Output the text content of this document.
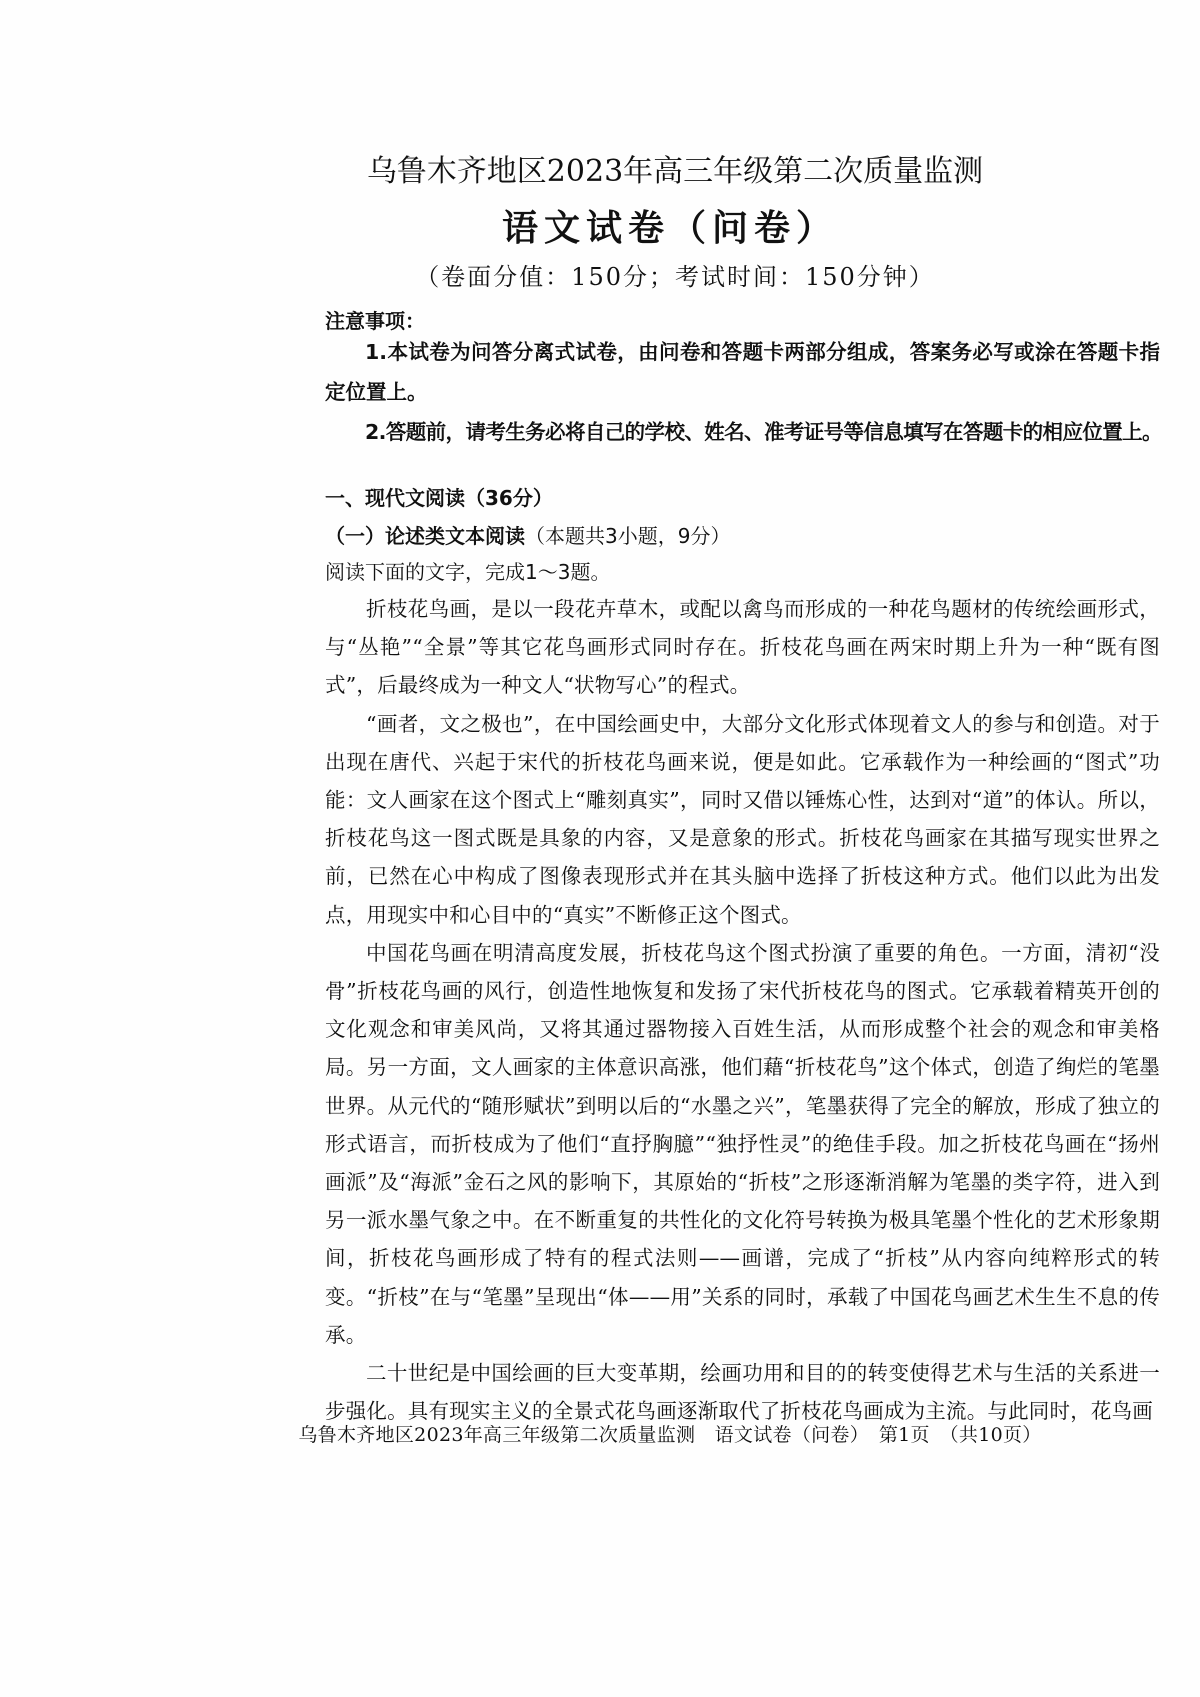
乌鲁木齐地区2023年高三年级第二次质量监测
语文试卷（问卷）
（卷面分值：150分；考试时间：150分钟）
注意事项：
1.本试卷为问答分离式试卷，由问卷和答题卡两部分组成，答案务必写或涂在答题卡指定位置上。
2.答题前，请考生务必将自己的学校、姓名、准考证号等信息填写在答题卡的相应位置上。
一、现代文阅读（36分）
（一）论述类文本阅读（本题共3小题，9分）
阅读下面的文字，完成1～3题。

折枝花鸟画，是以一段花卉草木，或配以禽鸟而形成的一种花鸟题材的传统绘画形式，与“丛艳”“全景”等其它花鸟画形式同时存在。折枝花鸟画在两宋时期上升为一种“既有图式”，后最终成为一种文人“状物写心”的程式。

“画者，文之极也”，在中国绘画史中，大部分文化形式体现着文人的参与和创造。对于出现在唐代、兴起于宋代的折枝花鸟画来说，便是如此。它承载作为一种绘画的“图式”功能：文人画家在这个图式上“雕刻真实”，同时又借以锤炼心性，达到对“道”的体认。所以，折枝花鸟这一图式既是具象的内容，又是意象的形式。折枝花鸟画家在其描写现实世界之前，已然在心中构成了图像表现形式并在其头脑中选择了折枝这种方式。他们以此为出发点，用现实中和心目中的“真实”不断修正这个图式。

中国花鸟画在明清高度发展，折枝花鸟这个图式扮演了重要的角色。一方面，清初“没骨”折枝花鸟画的风行，创造性地恢复和发扬了宋代折枝花鸟的图式。它承载着精英开创的文化观念和审美风尚，又将其通过器物接入百姓生活，从而形成整个社会的观念和审美格局。另一方面，文人画家的主体意识高涨，他们藉“折枝花鸟”这个体式，创造了绚烂的笔墨世界。从元代的“随形赋状”到明以后的“水墨之兴”，笔墨获得了完全的解放，形成了独立的形式语言，而折枝成为了他们“直抒胸臆”“独抒性灵”的绝佳手段。加之折枝花鸟画在“扬州画派”及“海派”金石之风的影响下，其原始的“折枝”之形逐渐消解为笔墨的类字符，进入到另一派水墨气象之中。在不断重复的共性化的文化符号转换为极具笔墨个性化的艺术形象期间，折枝花鸟画形成了特有的程式法则——画谱，完成了“折枝”从内容向纯粹形式的转变。“折枝”在与“笔墨”呈现出“体——用”关系的同时，承载了中国花鸟画艺术生生不息的传承。

二十世纪是中国绘画的巨大变革期，绘画功用和目的的转变使得艺术与生活的关系进一步强化。具有现实主义的全景式花鸟画逐渐取代了折枝花鸟画成为主流。与此同时，花鸟画

乌鲁木齐地区2023年高三年级第二次质量监测　语文试卷（问卷）　第1页　（共10页）
